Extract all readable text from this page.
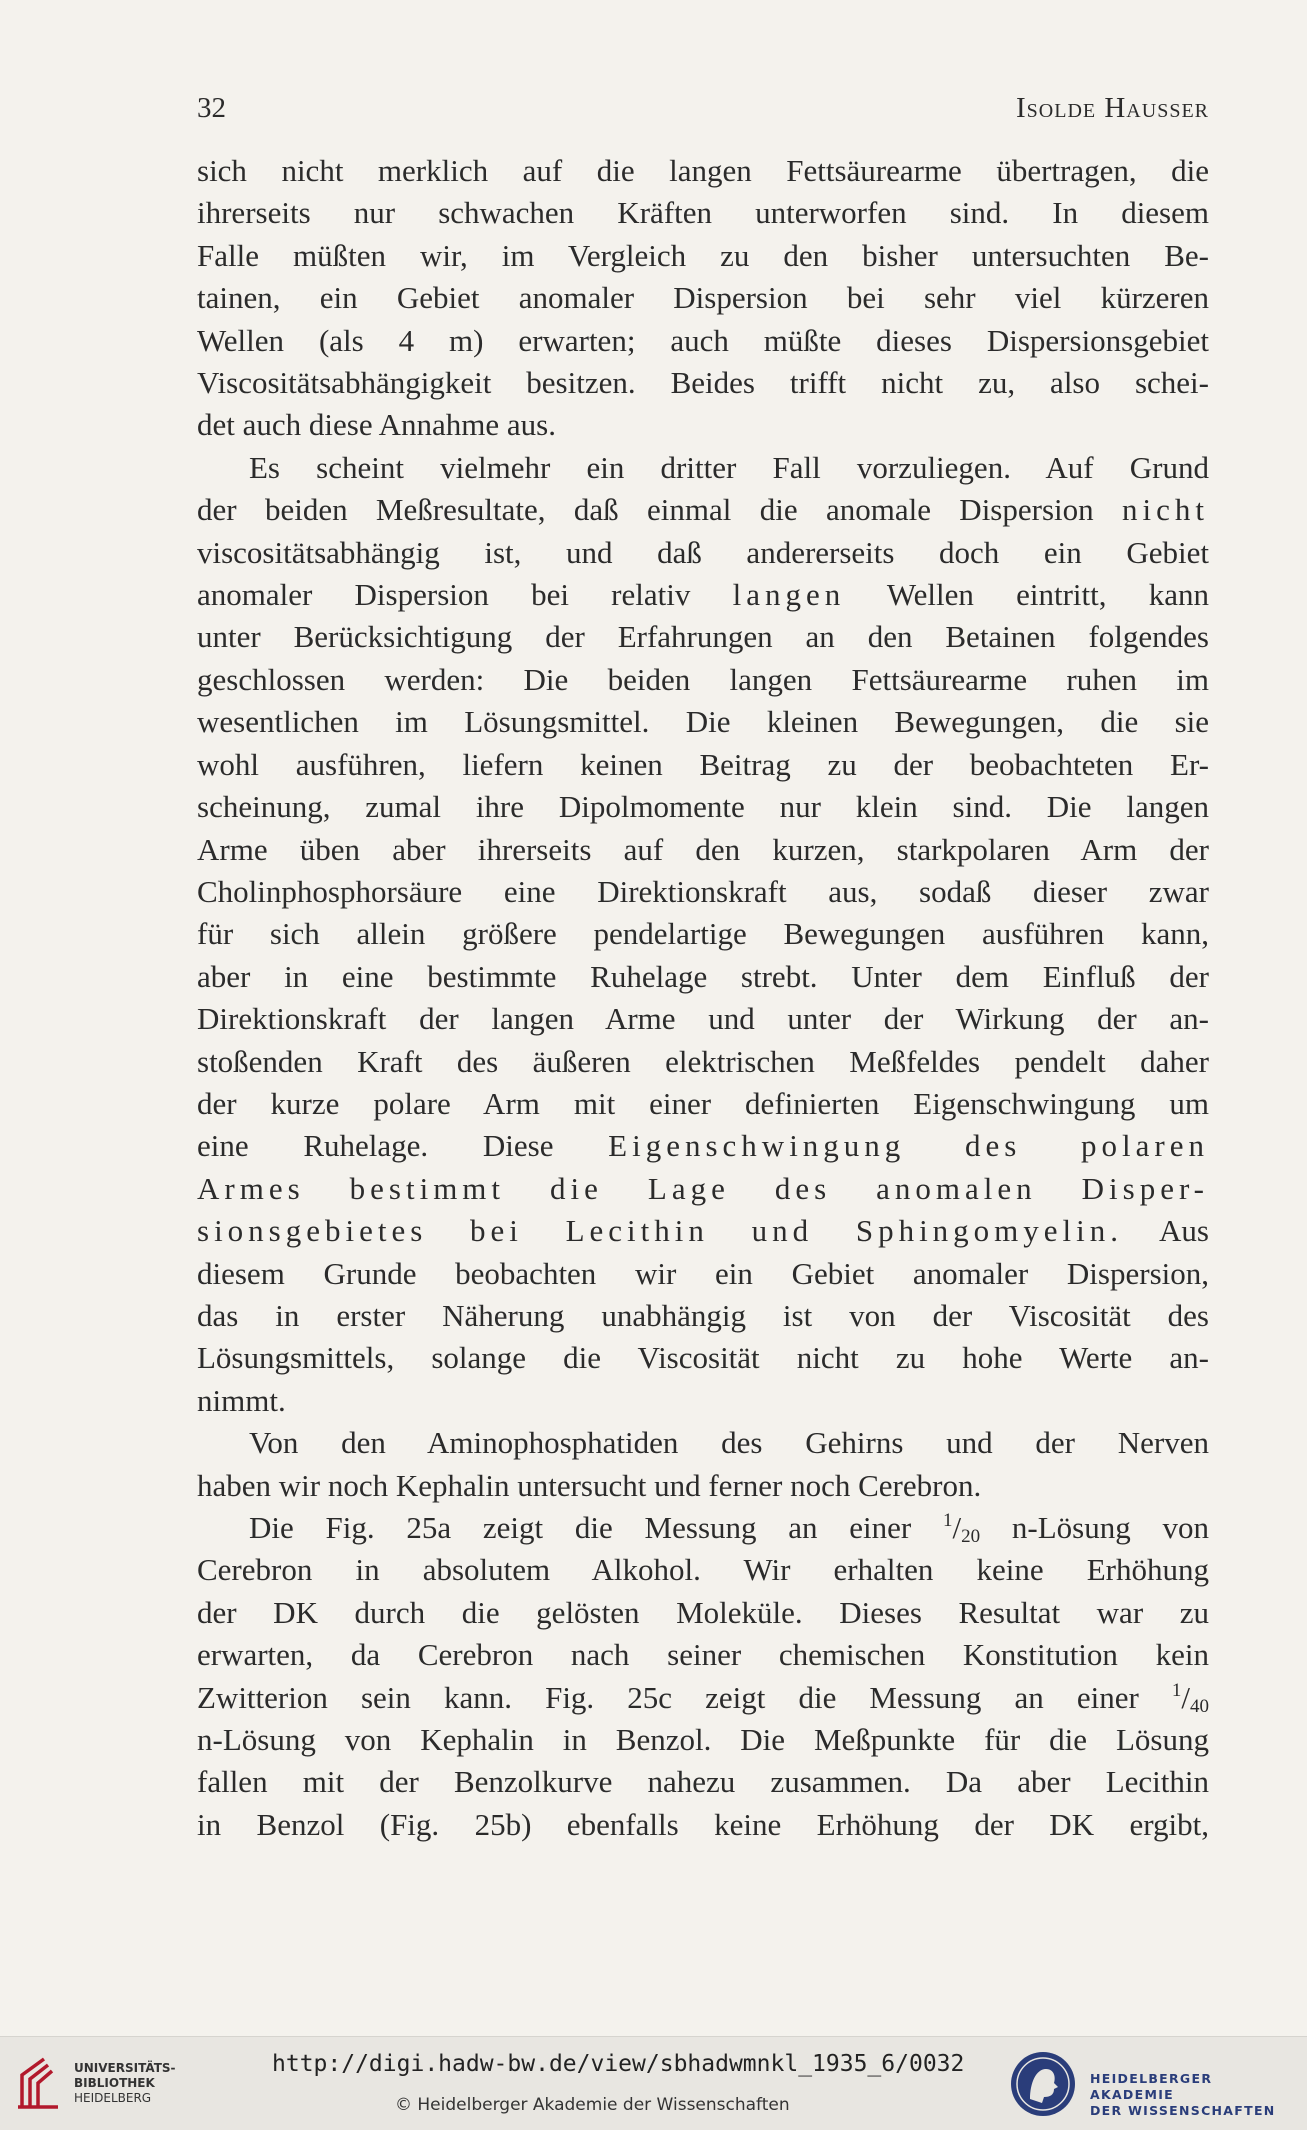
32	Isolde Hausser

sich nicht merklich auf die langen Fettsäurearme übertragen, die

ihrerseits nur schwachen Kräften unterworfen sind. In diesem

Falle müßten wir, im Vergleich zu den bisher untersuchten Be-

tainen, ein Gebiet anomaler Dispersion bei sehr viel kürzeren

Wellen (als 4 m) erwarten; auch müßte dieses Dispersionsgebiet

Viscositätsabhängigkeit besitzen. Beides trifft nicht zu, also schei-

det auch diese Annahme aus.

Es scheint vielmehr ein dritter Fall vorzuliegen. Auf Grund

der beiden Meßresultate, daß einmal die anomale Dispersion nicht

viscositätsabhängig ist, und daß andererseits doch ein Gebiet

anomaler Dispersion bei relativ langen Wellen eintritt, kann

unter Berücksichtigung der Erfahrungen an den Betainen folgendes

geschlossen werden: Die beiden langen Fettsäurearme ruhen im

wesentlichen im Lösungsmittel. Die kleinen Bewegungen, die sie

wohl ausführen, liefern keinen Beitrag zu der beobachteten Er-

scheinung, zumal ihre Dipolmomente nur klein sind. Die langen

Arme üben aber ihrerseits auf den kurzen, starkpolaren Arm der

Cholinphosphorsäure eine Direktionskraft aus, sodaß dieser zwar

für sich allein größere pendelartige Bewegungen ausführen kann,

aber in eine bestimmte Ruhelage strebt. Unter dem Einfluß der

Direktionskraft der langen Arme und unter der Wirkung der an-

stoßenden Kraft des äußeren elektrischen Meßfeldes pendelt daher

der kurze polare Arm mit einer definierten Eigenschwingung um

eine Ruhelage. Diese Eigenschwingung des polaren

Armes bestimmt die Lage des anomalen Disper-

sionsgebietes bei Lecithin und Sphingomyelin. Aus

diesem Grunde beobachten wir ein Gebiet anomaler Dispersion,

das in erster Näherung unabhängig ist von der Viscosität des

Lösungsmittels, solange die Viscosität nicht zu hohe Werte an-

nimmt.

Von den Aminophosphatiden des Gehirns und der Nerven

haben wir noch Kephalin untersucht und ferner noch Cerebron.

Die Fig. 25a zeigt die Messung an einer $^1/_{20}$ n-Lösung von

Cerebron in absolutem Alkohol. Wir erhalten keine Erhöhung

der DK durch die gelösten Moleküle. Dieses Resultat war zu

erwarten, da Cerebron nach seiner chemischen Konstitution kein

Zwitterion sein kann. Fig. 25c zeigt die Messung an einer $^1/_{40}$

n-Lösung von Kephalin in Benzol. Die Meßpunkte für die Lösung

fallen mit der Benzolkurve nahezu zusammen. Da aber Lecithin

in Benzol (Fig. 25b) ebenfalls keine Erhöhung der DK ergibt,

UNIVERSITÄTS-
BIBLIOTHEK
HEIDELBERG
http://digi.hadw-bw.de/view/sbhadwmnkl_1935_6/0032
© Heidelberger Akademie der Wissenschaften
HEIDELBERGER AKADEMIE
DER WISSENSCHAFTEN
